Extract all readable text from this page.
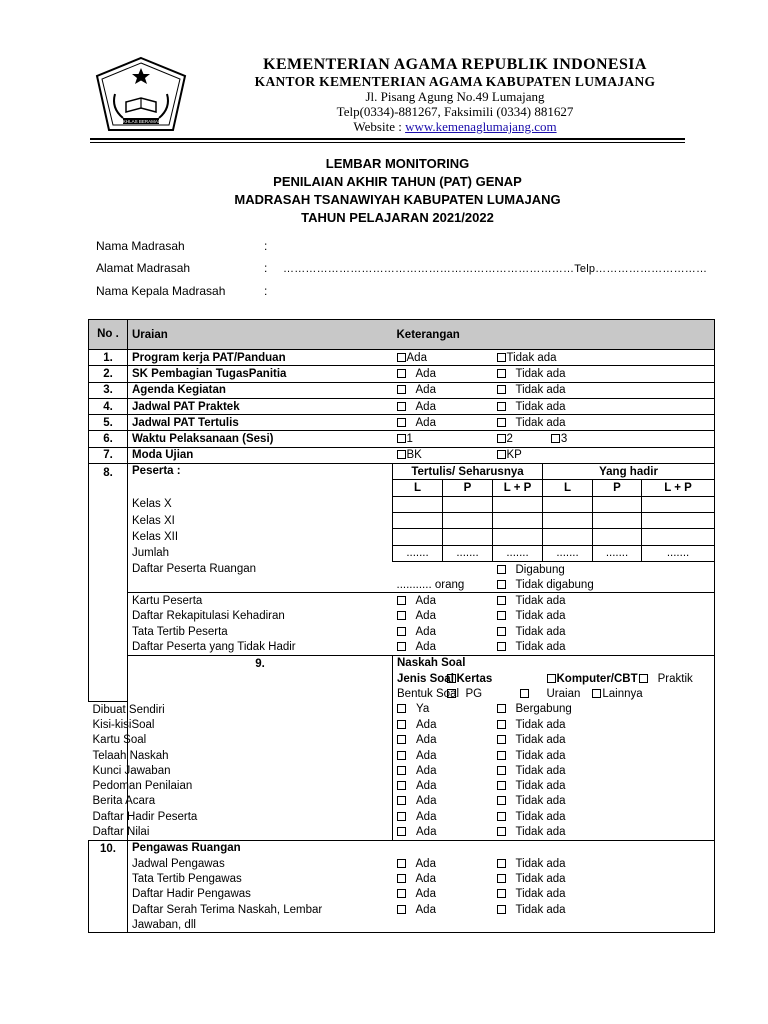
IKHLAS BERAMAL
KEMENTERIAN AGAMA REPUBLIK INDONESIA
KANTOR KEMENTERIAN AGAMA KABUPATEN LUMAJANG
Jl. Pisang Agung No.49 Lumajang
Telp(0334)-881267, Faksimili (0334) 881627
Website : www.kemenaglumajang.com
LEMBAR MONITORING
PENILAIAN AKHIR TAHUN (PAT) GENAP
MADRASAH TSANAWIYAH KABUPATEN LUMAJANG
TAHUN PELAJARAN 2021/2022
Nama Madrasah	:
Alamat Madrasah	: ……………………………………………………………………Telp…………………………
Nama Kepala Madrasah	:
No .	Uraian	Keterangan					
1.	Program kerja PAT/Panduan	Ada		Tidak ada			
2.	SK Pembagian TugasPanitia	Ada		Tidak ada			
3.	Agenda Kegiatan	Ada		Tidak ada			
4.	Jadwal PAT Praktek	Ada		Tidak ada			
5.	Jadwal PAT Tertulis	Ada		Tidak ada			
6.	Waktu Pelaksanaan (Sesi)	1		2 3			
7.	Moda Ujian	BK		KP			
8.	Peserta :	Tertulis/ Seharusnya			Yang hadir		
		L	P	L + P	L	P	L + P
	Kelas X						
	Kelas XI						
	Kelas XII						
	Jumlah	.......	.......	.......	.......	.......	.......
	Daftar Peserta Ruangan			Digabung			
		........... orang		Tidak digabung			
	Kartu Peserta	Ada		Tidak ada			
	Daftar Rekapitulasi Kehadiran	Ada		Tidak ada			
	Tata Tertib Peserta	Ada		Tidak ada			
	Daftar Peserta yang Tidak Hadir	Ada		Tidak ada			
	9.	Naskah Soal					
		Jenis Soal	Kertas		Komputer/CBT Praktik		
		Bentuk Soal	PG		Uraian Lainnya		
Dibuat Sendiri		Ya		Bergabung			
Kisi-kisiSoal		Ada		Tidak ada			
Kartu Soal		Ada		Tidak ada			
Telaah Naskah		Ada		Tidak ada			
Kunci Jawaban		Ada		Tidak ada			
Pedoman Penilaian		Ada		Tidak ada			
Berita Acara		Ada		Tidak ada			
Daftar Hadir Peserta		Ada		Tidak ada			
Daftar Nilai		Ada		Tidak ada			
10.	Pengawas Ruangan						
	Jadwal Pengawas	Ada		Tidak ada			
	Tata Tertib Pengawas	Ada		Tidak ada			
	Daftar Hadir Pengawas	Ada		Tidak ada			
	Daftar Serah Terima Naskah, Lembar	Ada		Tidak ada			
	Jawaban, dll						
